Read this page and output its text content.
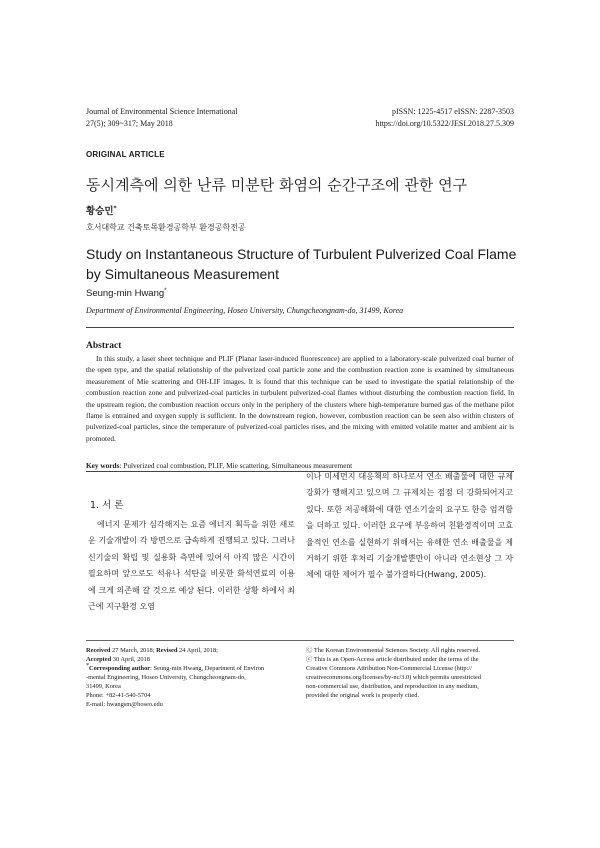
Journal of Environmental Science International
27(5); 309~317; May 2018
pISSN: 1225-4517 eISSN: 2287-3503
https://doi.org/10.5322/JESI.2018.27.5.309
ORIGINAL ARTICLE
동시계측에 의한 난류 미분탄 화염의 순간구조에 관한 연구
황승민*
호서대학교 건축토목환경공학부 환경공학전공
Study on Instantaneous Structure of Turbulent Pulverized Coal Flame by Simultaneous Measurement
Seung-min Hwang*
Department of Environmental Engineering, Hoseo University, Chungcheongnam-do, 31499, Korea
Abstract

In this study, a laser sheet technique and PLIF (Planar laser-induced fluorescence) are applied to a laboratory-scale pulverized coal burner of the open type, and the spatial relationship of the pulverized coal particle zone and the combustion reaction zone is examined by simultaneous measurement of Mie scattering and OH-LIF images. It is found that this technique can be used to investigate the spatial relationship of the combustion reaction zone and pulverized-coal particles in turbulent pulverized-coal flames without disturbing the combustion reaction field. In the upstream region, the combustion reaction occurs only in the periphery of the clusters where high-temperature burned gas of the methane pilot flame is entrained and oxygen supply is sufficient. In the downstream region, however, combustion reaction can be seen also within clusters of pulverized-coal particles, since the temperature of pulverized-coal particles rises, and the mixing with emitted volatile matter and ambient air is promoted.

Key words: Pulverized coal combustion, PLIF, Mie scattering, Simultaneous measurement
1. 서 론

에너지 문제가 심각해지는 요즘 에너지 획득을 위한 새로운 기술개발이 각 방면으로 급속하게 진행되고 있다. 그러나 신기술의 확립 및 실용화 측면에 있어서 아직 많은 시간이 필요하며 앞으로도 석유나 석탄을 비롯한 화석연료의 이용에 크게 의존해 갈 것으로 예상 된다. 이러한 상황 하에서 최근에 지구환경 오염

이나 미세먼지 대응책의 하나로서 연소 배출물에 대한 규제강화가 행해지고 있으며 그 규제치는 점점 더 강화되어지고 있다. 또한 저공해화에 대한 연소기술의 요구도 한층 엄격함을 더하고 있다. 이러한 요구에 부응하여 친환경적이며 고효율적인 연소를 실현하기 위해서는 유해한 연소 배출물을 제거하기 위한 후처리 기술개발뿐만이 아니라 연소현상 그 자체에 대한 제어가 필수 불가결하다(Hwang, 2005).

Received 27 March, 2018; Revised 24 April, 2018;
Accepted 30 April, 2018
*Corresponding author: Seung-min Hwang, Department of Environ
-mental Engineering, Hoseo University, Chungcheongnam-do,
31499, Korea
Phone: +82-41-540-5704
E-mail: hwangsm@hoseo.edu
Ⓒ The Korean Environmental Sciences Society. All rights reserved.
ⓒ This is an Open-Access article distributed under the terms of the
Creative Commons Attribution Non-Commercial License (http://
creativecommons.org/licenses/by-nc/3.0) which permits unrestricted
non-commercial use, distribution, and reproduction in any medium,
provided the original work is properly cited.
